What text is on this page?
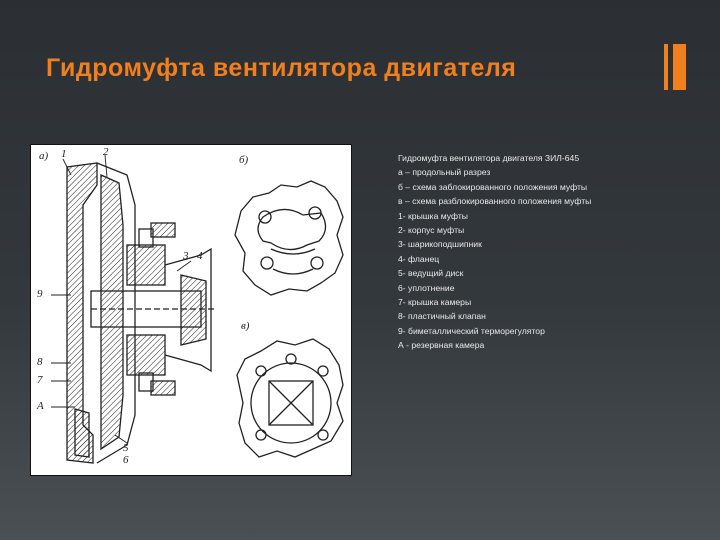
Гидромуфта вентилятора двигателя
а)	б)
в)
1	2
3 4
9
8
7
А
5
6
Гидромуфта вентилятора двигателя ЗИЛ-645
а – продольный разрез
б – схема заблокированного положения муфты
в – схема разблокированного положения муфты
1- крышка муфты
2- корпус муфты
3- шарикоподшипник
4- фланец
5- ведущий диск
6- уплотнение
7- крышка камеры
8- пластичный клапан
9- биметаллический терморегулятор
А - резервная камера
